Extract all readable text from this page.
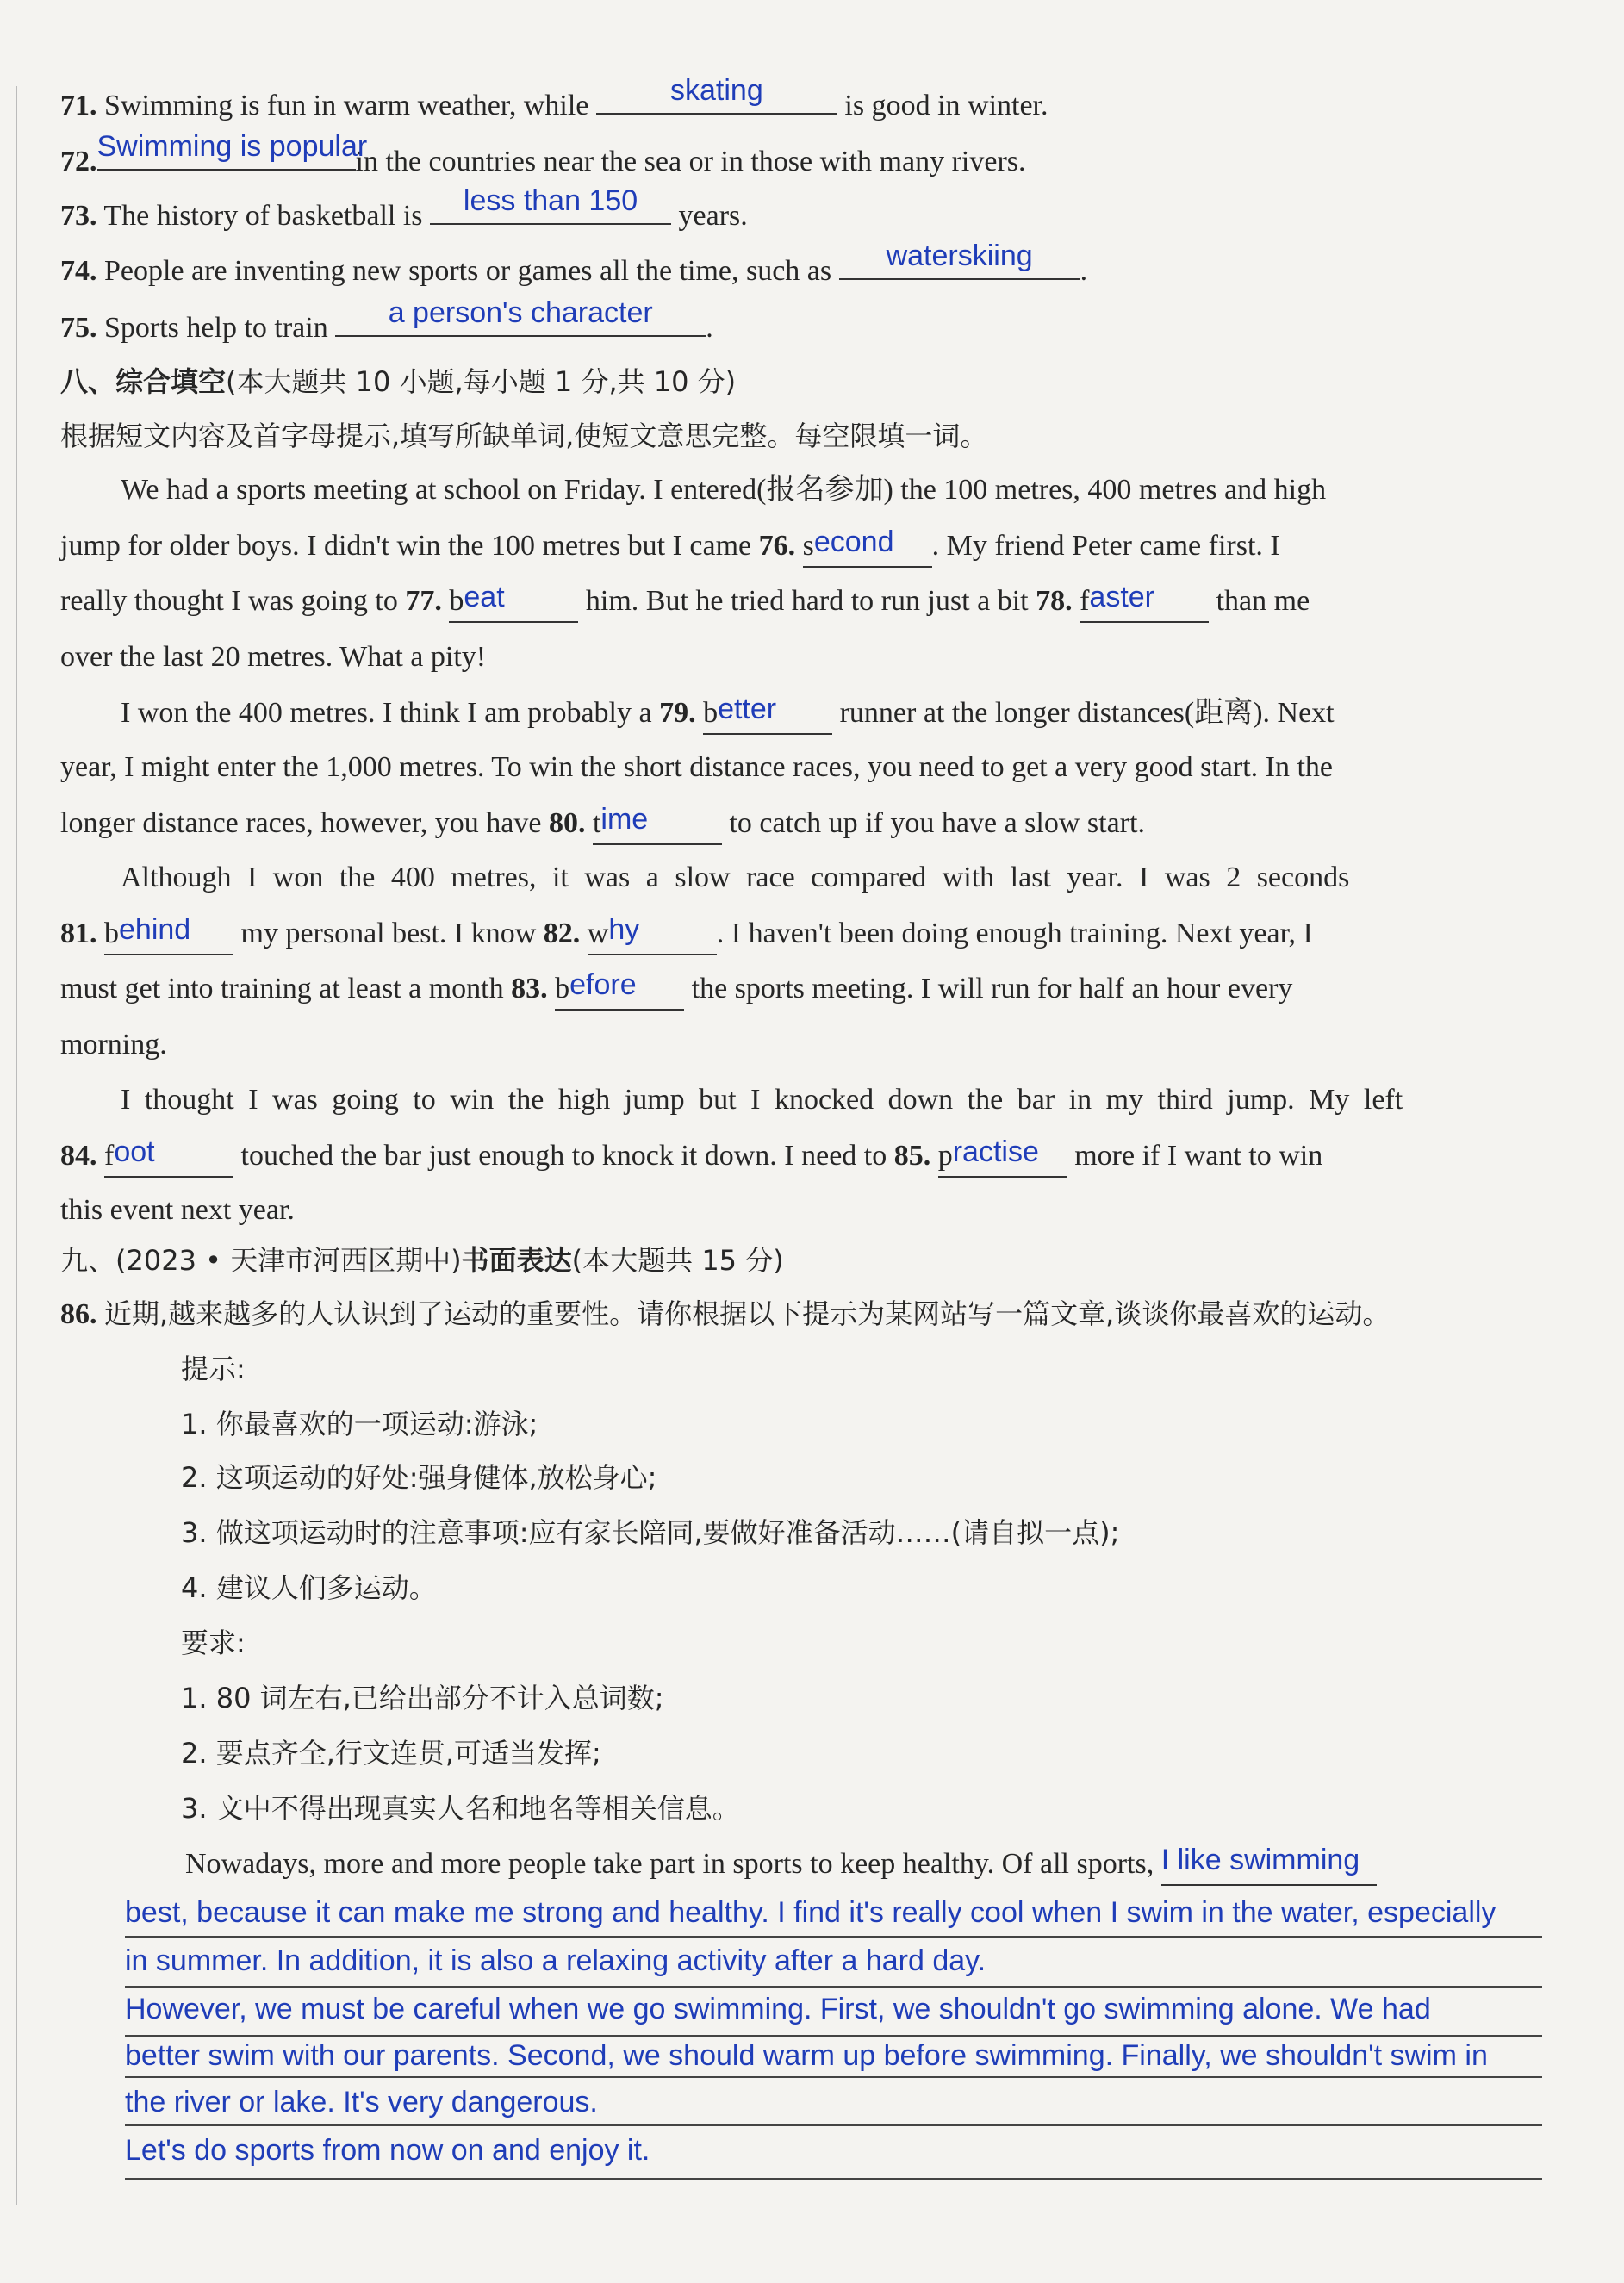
71. Swimming is fun in warm weather, while	skating	is good in winter.
72. Swimming is popular
in the countries near the sea or in those with many rivers.
73. The history of basketball is	less than 150	years.
74. People are inventing new sports or games all the time, such as	waterskiing	.
75. Sports help to train	a person's character	.
八、综合填空(本大题共 10 小题,每小题 1 分,共 10 分)
根据短文内容及首字母提示,填写所缺单词,使短文意思完整。每空限填一词。
We had a sports meeting at school on Friday. I entered(报名参加) the 100 metres, 400 metres and high
jump for older boys. I didn't win the 100 metres but I came 76. second . My friend Peter came first. I
really thought I was going to 77. beat	him. But he tried hard to run just a bit 78. faster than me
over the last 20 metres. What a pity!
I won the 400 metres. I think I am probably a 79. better runner at the longer distances(距离). Next
year, I might enter the 1,000 metres. To win the short distance races, you need to get a very good start. In the
longer distance races, however, you have 80. time	to catch up if you have a slow start.
Although I won the 400 metres, it was a slow race compared with last year. I was 2 seconds
81. behind my personal best. I know 82. why	. I haven't been doing enough training. Next year, I
must get into training at least a month 83. before the sports meeting. I will run for half an hour every
morning.
I thought I was going to win the high jump but I knocked down the bar in my third jump. My left
84. foot	touched the bar just enough to knock it down. I need to 85. practise more if I want to win
this event next year.
九、(2023 • 天津市河西区期中)书面表达(本大题共 15 分)
86. 近期,越来越多的人认识到了运动的重要性。请你根据以下提示为某网站写一篇文章,谈谈你最喜欢的运动。
提示:
1. 你最喜欢的一项运动:游泳;
2. 这项运动的好处:强身健体,放松身心;
3. 做这项运动时的注意事项:应有家长陪同,要做好准备活动……(请自拟一点);
4. 建议人们多运动。
要求:
1. 80 词左右,已给出部分不计入总词数;
2. 要点齐全,行文连贯,可适当发挥;
3. 文中不得出现真实人名和地名等相关信息。
Nowadays, more and more people take part in sports to keep healthy. Of all sports, I like swimming
best, because it can make me strong and healthy. I find it's really cool when I swim in the water, especially
in summer. In addition, it is also a relaxing activity after a hard day.
However, we must be careful when we go swimming. First, we shouldn't go swimming alone. We had
better swim with our parents. Second, we should warm up before swimming. Finally, we shouldn't swim in
the river or lake. It's very dangerous.
Let's do sports from now on and enjoy it.
